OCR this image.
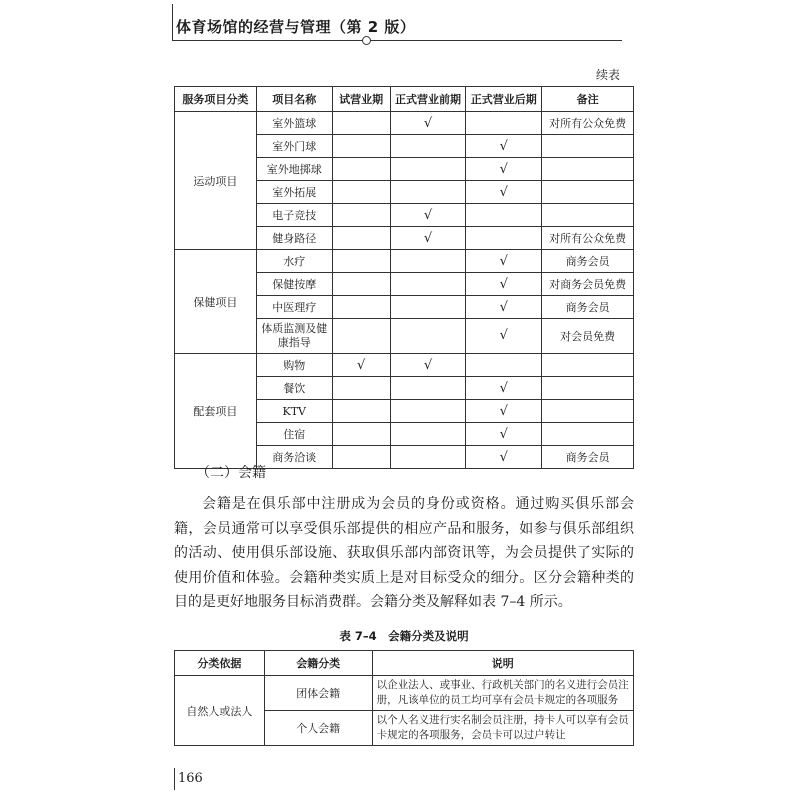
体育场馆的经营与管理（第 2 版）
续表
服务项目分类	项目名称	试营业期	正式营业前期	正式营业后期	备注
运动项目	室外篮球		√		对所有公众免费
	室外门球			√	
	室外地掷球			√	
	室外拓展			√	
	电子竞技		√		
	健身路径		√		对所有公众免费
保健项目	水疗			√	商务会员
	保健按摩			√	对商务会员免费
	中医理疗			√	商务会员
	体质监测及健康指导			√	对会员免费
配套项目	购物	√	√		
	餐饮			√	
	KTV			√	
	住宿			√	
	商务洽谈			√	商务会员
（二）会籍

会籍是在俱乐部中注册成为会员的身份或资格。通过购买俱乐部会籍，会员通常可以享受俱乐部提供的相应产品和服务，如参与俱乐部组织的活动、使用俱乐部设施、获取俱乐部内部资讯等，为会员提供了实际的使用价值和体验。会籍种类实质上是对目标受众的细分。区分会籍种类的目的是更好地服务目标消费群。会籍分类及解释如表 7–4 所示。

表 7–4　会籍分类及说明
分类依据	会籍分类	说明
自然人或法人	团体会籍	以企业法人、或事业、行政机关部门的名义进行会员注册，凡该单位的员工均可享有会员卡规定的各项服务
	个人会籍	以个人名义进行实名制会员注册，持卡人可以享有会员卡规定的各项服务，会员卡可以过户转让
166
